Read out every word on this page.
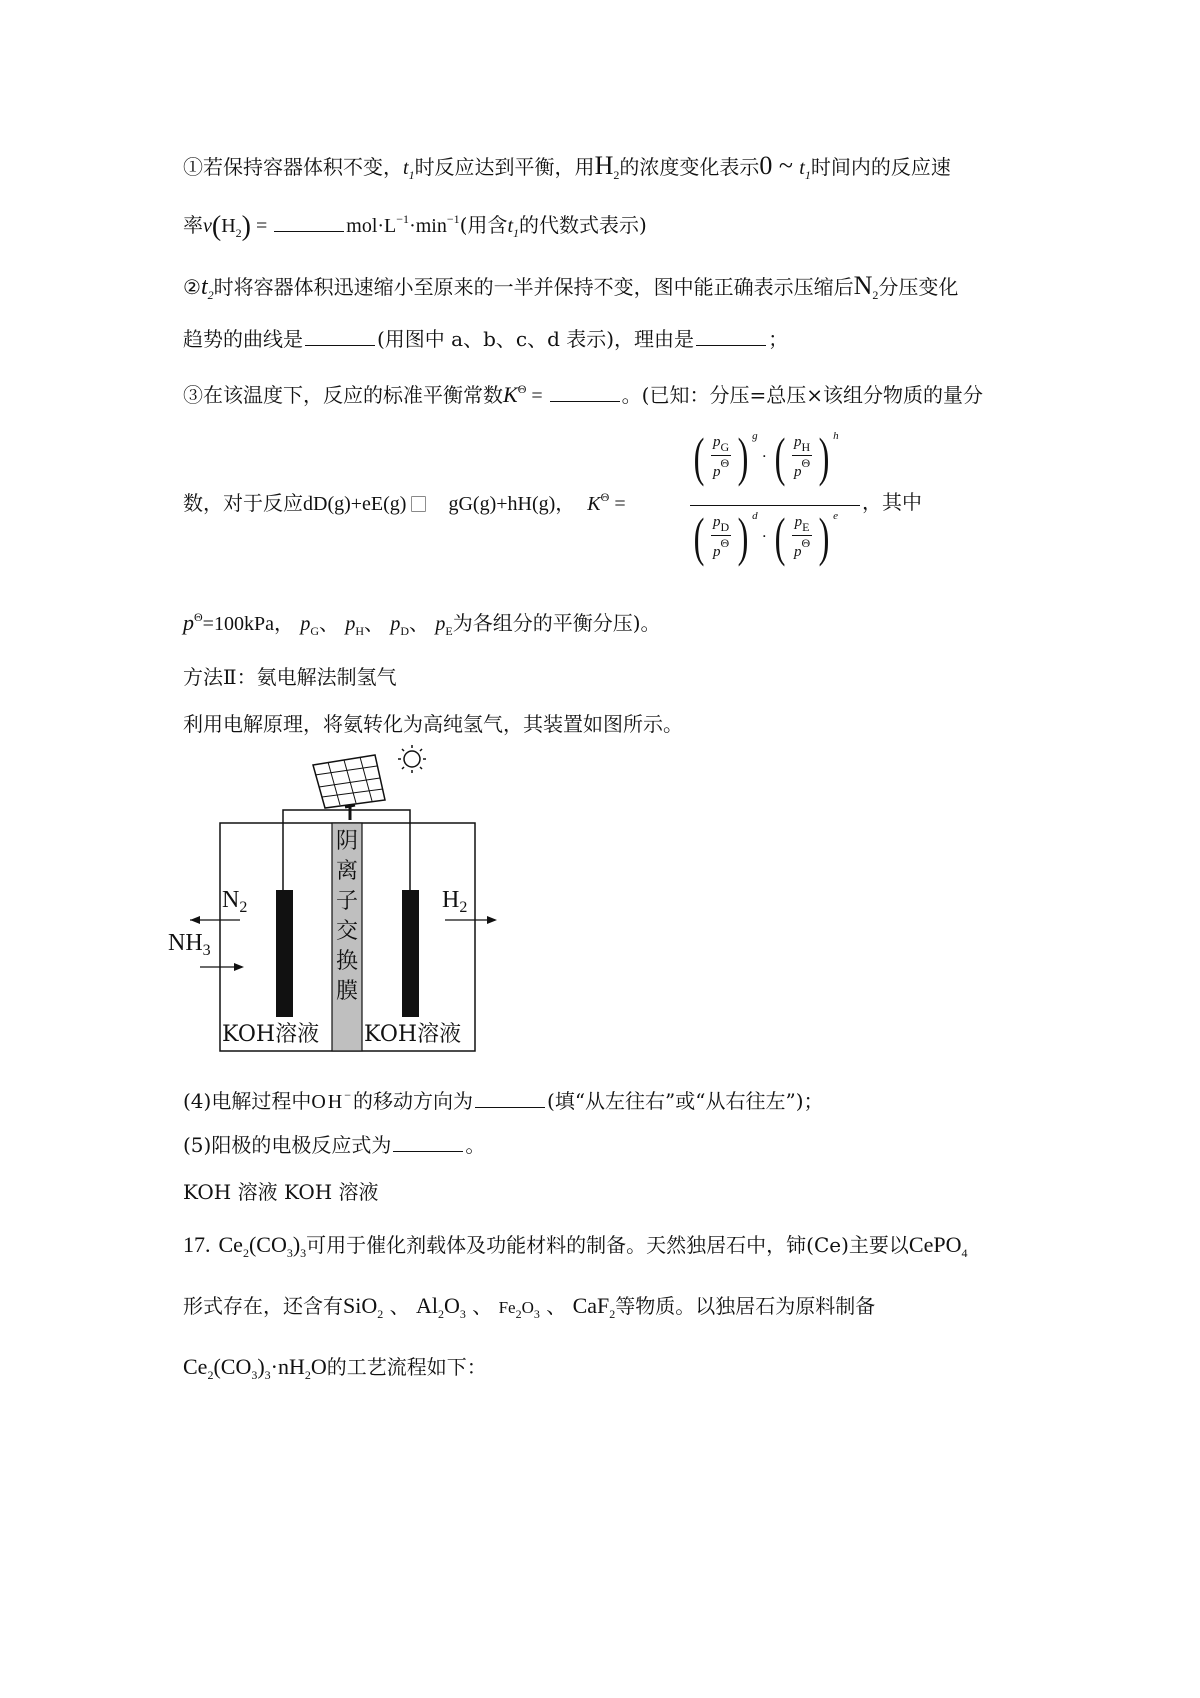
①若保持容器体积不变，$t_1$时反应达到平衡，用$H_2$的浓度变化表示0 ~ $t_1$时间内的反应速
率$v(H_2)$ =	$mol\cdot L^{-1}\cdot\min^{-1}$(用含$t_1$的代数式表示)
$②t_2$时将容器体积迅速缩小至原来的一半并保持不变，图中能正确表示压缩后$N_2$分压变化
趋势的曲线是	(用图中 a、b、c、d 表示)，理由是	；
③在该温度下，反应的标准平衡常数$K^\Theta$ =	。(已知：分压=总压×该组分物质的量分
数，对于反应dD(g)+eE(g) ⃞ gG(g)+hH(g)， $K^\Theta$ =	，其中
( $\frac{p_G}{p^\Theta}$ ) $^g$ · ( $\frac{p_H}{p^\Theta}$ ) $^h$
( $\frac{p_D}{p^\Theta}$ ) $^d$ · ( $\frac{p_E}{p^\Theta}$ ) $^e$
$p^\Theta=100kPa$， $p_G$、 $p_H$、 $p_D$、 $p_E$为各组分的平衡分压)。
方法Ⅱ：氨电解法制氢气
利用电解原理，将氨转化为高纯氢气，其装置如图所示。
阴
离
子
交
换
膜
$N_2$
$NH_3$
$H_2$
KOH溶液 KOH溶液
(4)电解过程中OH−的移动方向为	(填“从左往右”或“从右往左”)；
(5)阳极的电极反应式为	。
KOH 溶液 KOH 溶液
17. $Ce_2(CO_3)_3$可用于催化剂载体及功能材料的制备。天然独居石中，铈(Ce)主要以CePO$_4$
形式存在，还含有SiO$_2$ 、 $Al_2O_3$ 、 $Fe_2O_3$ 、 CaF$_2$等物质。以独居石为原料制备
$Ce_2(CO_3)_3\cdot nH_2O$的工艺流程如下：
